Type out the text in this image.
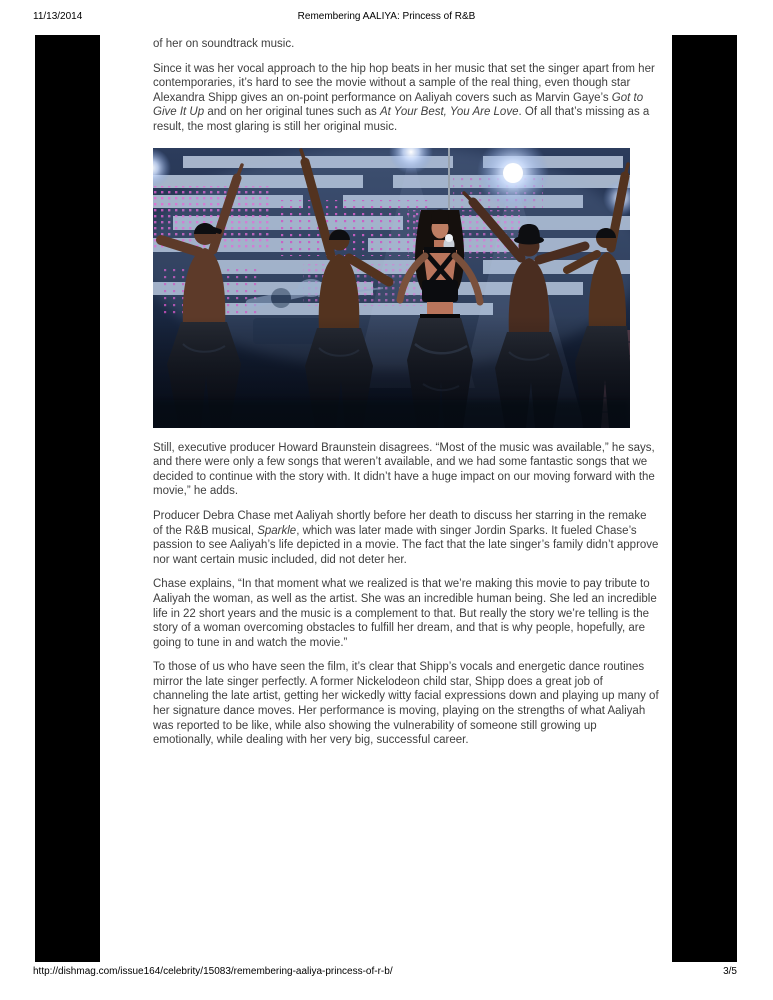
11/13/2014	Remembering AALIYA: Princess of R&B

of her on soundtrack music.

Since it was her vocal approach to the hip hop beats in her music that set the singer apart from her contemporaries, it’s hard to see the movie without a sample of the real thing, even though star Alexandra Shipp gives an on-point performance on Aaliyah covers such as Marvin Gaye’s Got to Give It Up and on her original tunes such as At Your Best, You Are Love. Of all that’s missing as a result, the most glaring is still her original music.

Still, executive producer Howard Braunstein disagrees. “Most of the music was available,” he says, and there were only a few songs that weren’t available, and we had some fantastic songs that we decided to continue with the story with. It didn’t have a huge impact on our moving forward with the movie,” he adds.

Producer Debra Chase met Aaliyah shortly before her death to discuss her starring in the remake of the R&B musical, Sparkle, which was later made with singer Jordin Sparks. It fueled Chase’s passion to see Aaliyah’s life depicted in a movie. The fact that the late singer’s family didn’t approve nor want certain music included, did not deter her.

Chase explains, “In that moment what we realized is that we’re making this movie to pay tribute to Aaliyah the woman, as well as the artist. She was an incredible human being. She led an incredible life in 22 short years and the music is a complement to that. But really the story we’re telling is the story of a woman overcoming obstacles to fulfill her dream, and that is why people, hopefully, are going to tune in and watch the movie.”

To those of us who have seen the film, it’s clear that Shipp’s vocals and energetic dance routines mirror the late singer perfectly. A former Nickelodeon child star, Shipp does a great job of channeling the late artist, getting her wickedly witty facial expressions down and playing up many of her signature dance moves. Her performance is moving, playing on the strengths of what Aaliyah was reported to be like, while also showing the vulnerability of someone still growing up emotionally, while dealing with her very big, successful career.

http://dishmag.com/issue164/celebrity/15083/remembering-aaliya-princess-of-r-b/	3/5
